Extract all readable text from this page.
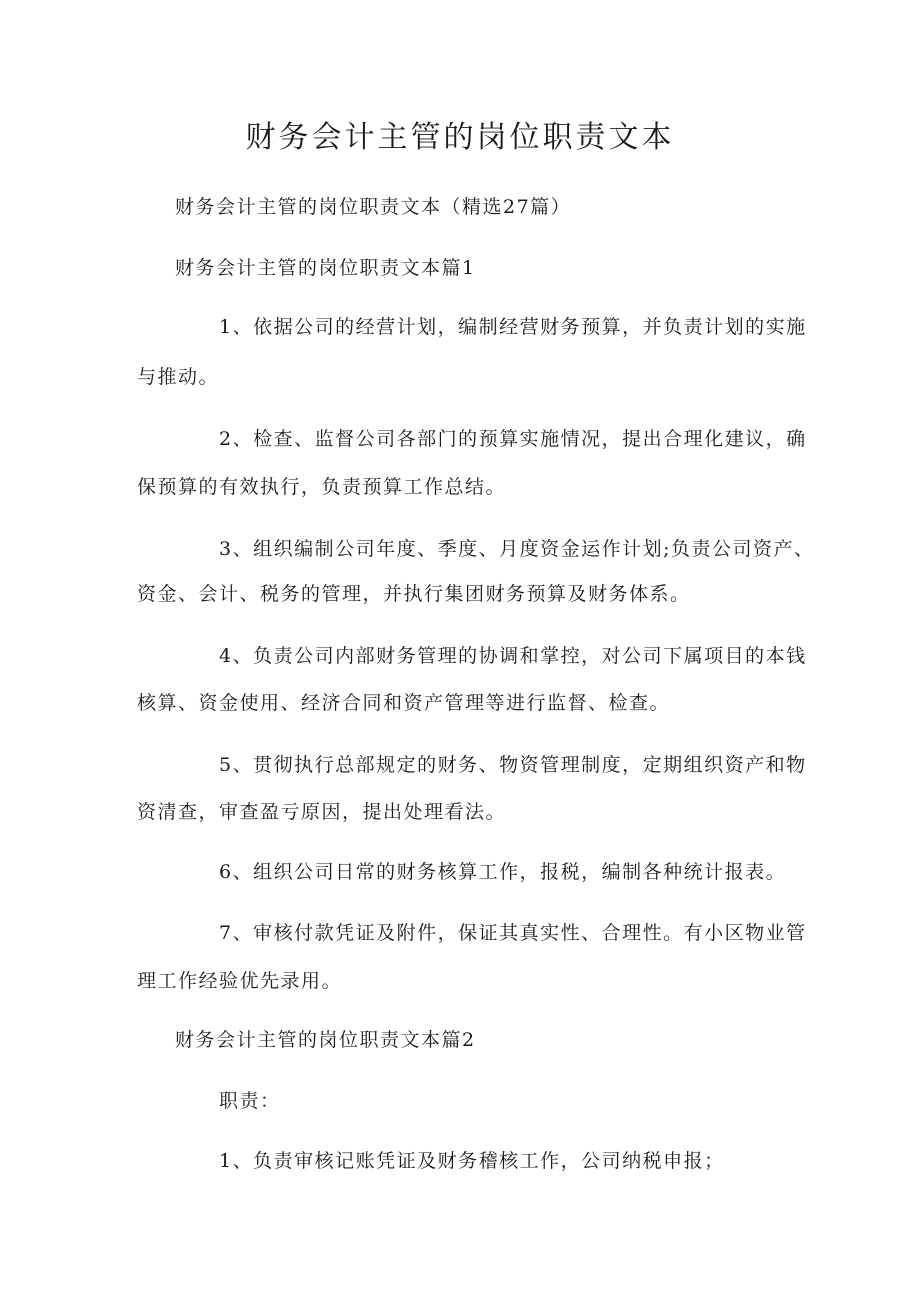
财务会计主管的岗位职责文本

财务会计主管的岗位职责文本（精选27篇）

财务会计主管的岗位职责文本篇1

1、依据公司的经营计划，编制经营财务预算，并负责计划的实施

与推动。

2、检查、监督公司各部门的预算实施情况，提出合理化建议，确

保预算的有效执行，负责预算工作总结。

3、组织编制公司年度、季度、月度资金运作计划;负责公司资产、

资金、会计、税务的管理，并执行集团财务预算及财务体系。

4、负责公司内部财务管理的协调和掌控，对公司下属项目的本钱

核算、资金使用、经济合同和资产管理等进行监督、检查。

5、贯彻执行总部规定的财务、物资管理制度，定期组织资产和物

资清查，审查盈亏原因，提出处理看法。

6、组织公司日常的财务核算工作，报税，编制各种统计报表。

7、审核付款凭证及附件，保证其真实性、合理性。有小区物业管

理工作经验优先录用。

财务会计主管的岗位职责文本篇2

职责：

1、负责审核记账凭证及财务稽核工作，公司纳税申报；
